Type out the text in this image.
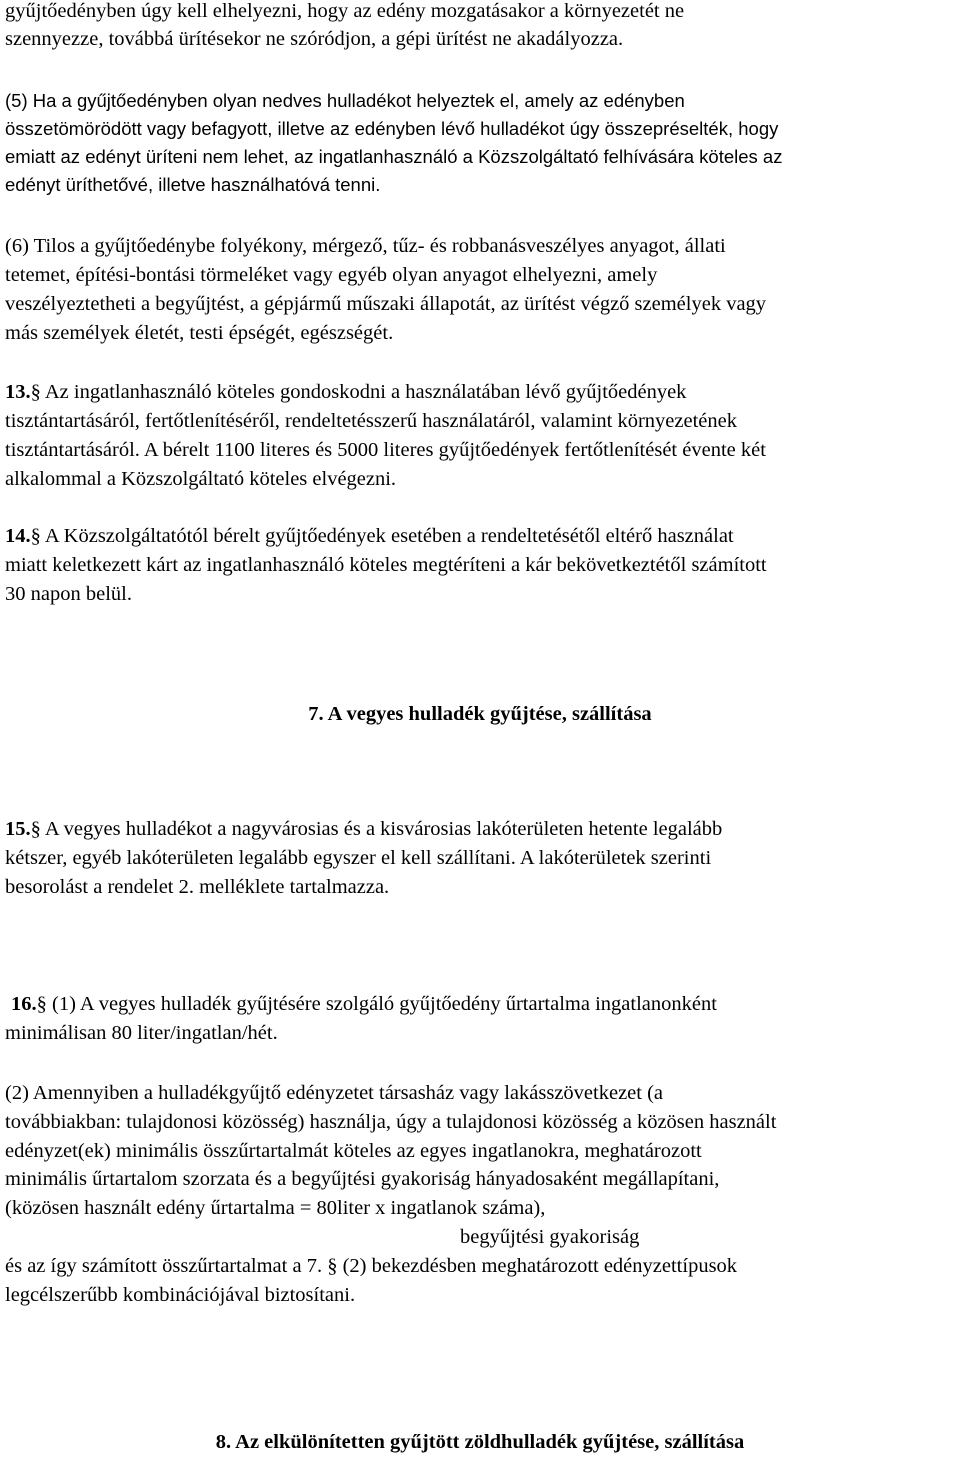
gyűjtőedényben úgy kell elhelyezni, hogy az edény mozgatásakor a környezetét ne
szennyezze, továbbá ürítésekor ne szóródjon, a gépi ürítést ne akadályozza.
(5) Ha a gyűjtőedényben olyan nedves hulladékot helyeztek el, amely az edényben
összetömörödött vagy befagyott, illetve az edényben lévő hulladékot úgy összepréselték, hogy
emiatt az edényt üríteni nem lehet, az ingatlanhasználó a Közszolgáltató felhívására köteles az
edényt üríthetővé, illetve használhatóvá tenni.
(6) Tilos a gyűjtőedénybe folyékony, mérgező, tűz- és robbanásveszélyes anyagot, állati
tetemet, építési-bontási törmeléket vagy egyéb olyan anyagot elhelyezni, amely
veszélyeztetheti a begyűjtést, a gépjármű műszaki állapotát, az ürítést végző személyek vagy
más személyek életét, testi épségét, egészségét.
13.§ Az ingatlanhasználó köteles gondoskodni a használatában lévő gyűjtőedények
tisztántartásáról, fertőtlenítéséről, rendeltetésszerű használatáról, valamint környezetének
tisztántartásáról. A bérelt 1100 literes és 5000 literes gyűjtőedények fertőtlenítését évente két
alkalommal a Közszolgáltató köteles elvégezni.
14.§ A Közszolgáltatótól bérelt gyűjtőedények esetében a rendeltetésétől eltérő használat
miatt keletkezett kárt az ingatlanhasználó köteles megtéríteni a kár bekövetkeztétől számított
30 napon belül.
7. A vegyes hulladék gyűjtése, szállítása
15.§ A vegyes hulladékot a nagyvárosias és a kisvárosias lakóterületen hetente legalább
kétszer, egyéb lakóterületen legalább egyszer el kell szállítani. A lakóterületek szerinti
besorolást a rendelet 2. melléklete tartalmazza.
16.§ (1) A vegyes hulladék gyűjtésére szolgáló gyűjtőedény űrtartalma ingatlanonként
minimálisan 80 liter/ingatlan/hét.
(2) Amennyiben a hulladékgyűjtő edényzetet társasház vagy lakásszövetkezet (a
továbbiakban: tulajdonosi közösség) használja, úgy a tulajdonosi közösség a közösen használt
edényzet(ek) minimális összűrtartalmát köteles az egyes ingatlanokra, meghatározott
minimális űrtartalom szorzata és a begyűjtési gyakoriság hányadosaként megállapítani,
(közösen használt edény űrtartalma = 80liter x ingatlanok száma),
begyűjtési gyakoriság
és az így számított összűrtartalmat a 7. § (2) bekezdésben meghatározott edényzettípusok
legcélszerűbb kombinációjával biztosítani.
8. Az elkülönítetten gyűjtött zöldhulladék gyűjtése, szállítása
